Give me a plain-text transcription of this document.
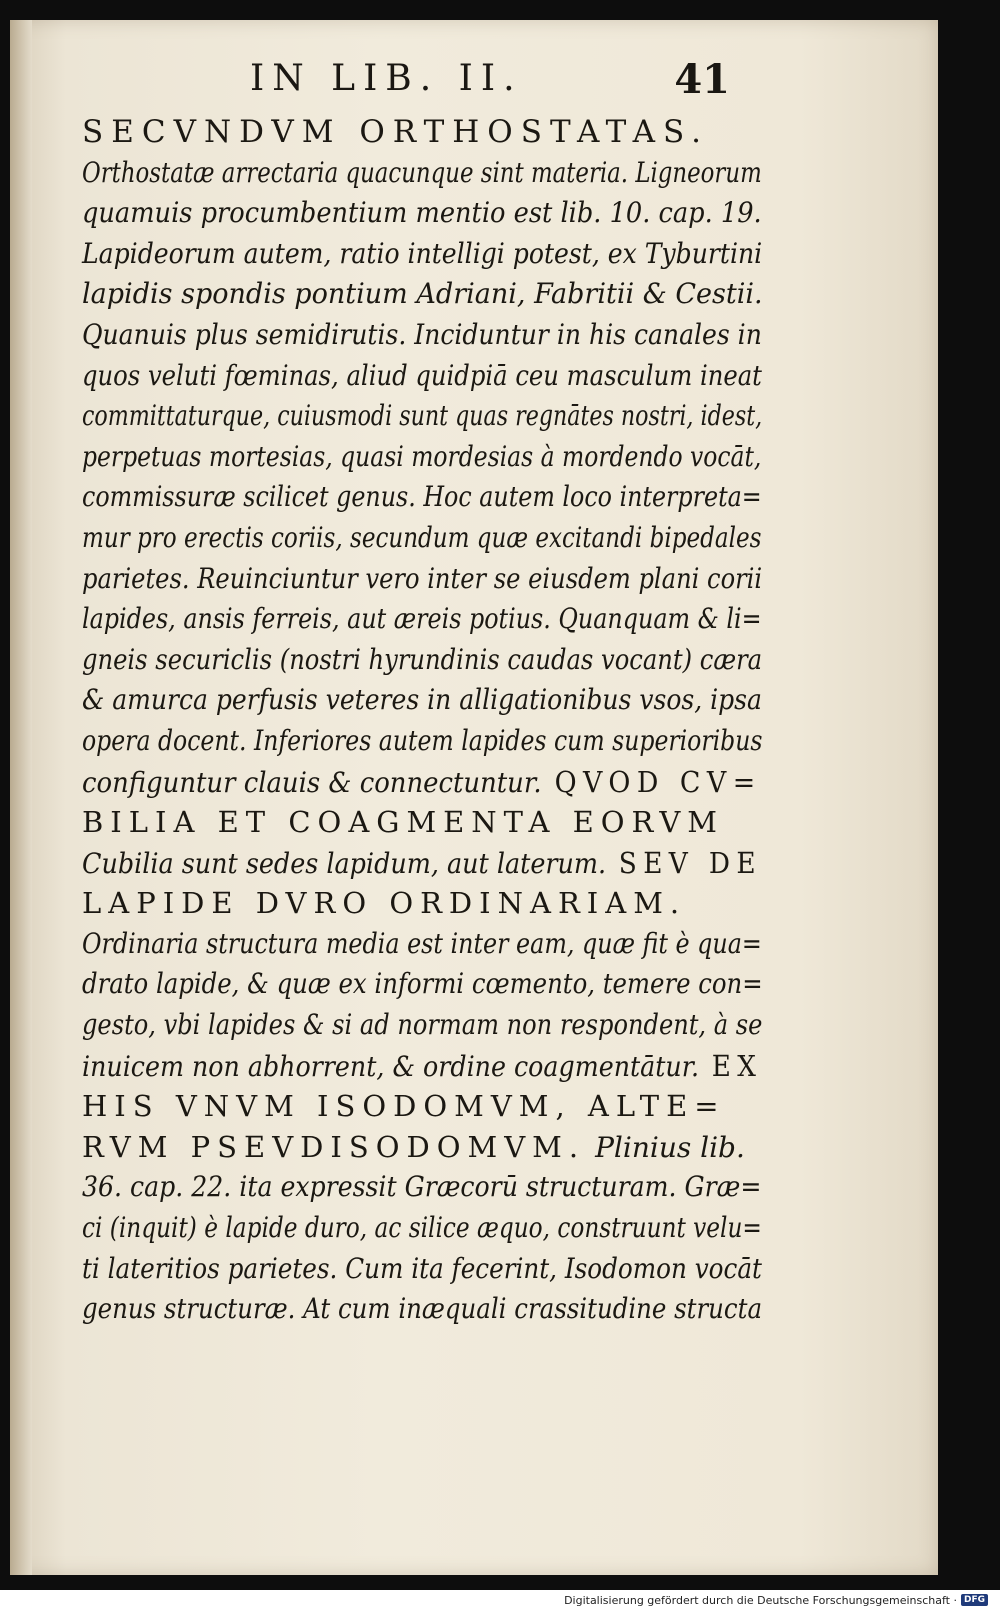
IN LIB. II.	41
SECVNDVM ORTHOSTATAS.
Orthostatæ arrectaria quacunque sint materia. Ligneorum
quamuis procumbentium mentio est lib. 10. cap. 19.
Lapideorum autem, ratio intelligi potest, ex Tyburtini
lapidis spondis pontium Adriani, Fabritii & Cestii.
Quanuis plus semidirutis. Inciduntur in his canales in
quos veluti fœminas, aliud quidpiā ceu masculum ineat
committaturque, cuiusmodi sunt quas regnātes nostri, idest,
perpetuas mortesias, quasi mordesias à mordendo vocāt,
commissuræ scilicet genus. Hoc autem loco interpreta=
mur pro erectis coriis, secundum quæ excitandi bipedales
parietes. Reuinciuntur vero inter se eiusdem plani corii
lapides, ansis ferreis, aut æreis potius. Quanquam & li=
gneis securiclis (nostri hyrundinis caudas vocant) cæra
& amurca perfusis veteres in alligationibus vsos, ipsa
opera docent. Inferiores autem lapides cum superioribus
configuntur clauis & connectuntur. QVOD CV=
BILIA ET COAGMENTA EORVM
Cubilia sunt sedes lapidum, aut laterum. SEV DE
LAPIDE DVRO ORDINARIAM.
Ordinaria structura media est inter eam, quæ fit è qua=
drato lapide, & quæ ex informi cœmento, temere con=
gesto, vbi lapides & si ad normam non respondent, à se
inuicem non abhorrent, & ordine coagmentātur. EX
HIS VNVM ISODOMVM, ALTE=
RVM PSEVDISODOMVM. Plinius lib.
36. cap. 22. ita expressit Græcorū structuram. Græ=
ci (inquit) è lapide duro, ac silice æquo, construunt velu=
ti lateritios parietes. Cum ita fecerint, Isodomon vocāt
genus structuræ. At cum inæquali crassitudine structa
Digitalisierung gefördert durch die Deutsche Forschungsgemeinschaft · DFG
